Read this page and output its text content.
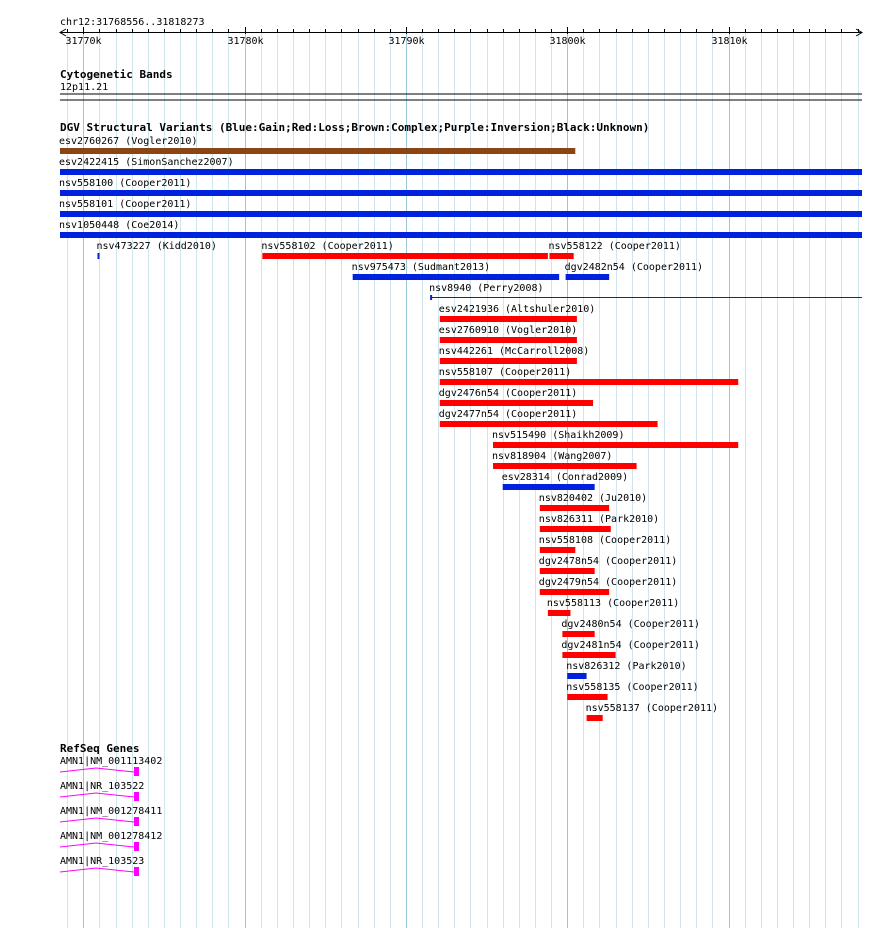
chr12:31768556..31818273
31770k	31780k	31790k	31800k	31810k
Cytogenetic Bands
12p11.21
DGV Structural Variants (Blue:Gain;Red:Loss;Brown:Complex;Purple:Inversion;Black:Unknown)
esv2760267 (Vogler2010)
esv2422415 (SimonSanchez2007)
nsv558100 (Cooper2011)
nsv558101 (Cooper2011)
nsv1050448 (Coe2014)
nsv473227 (Kidd2010)	nsv558102 (Cooper2011)	nsv558122 (Cooper2011)
nsv975473 (Sudmant2013)	dgv2482n54 (Cooper2011)
nsv8940 (Perry2008)
esv2421936 (Altshuler2010)
esv2760910 (Vogler2010)
nsv442261 (McCarroll2008)
nsv558107 (Cooper2011)
dgv2476n54 (Cooper2011)
dgv2477n54 (Cooper2011)
nsv515490 (Shaikh2009)
nsv818904 (Wang2007)
esv28314 (Conrad2009)
nsv820402 (Ju2010)
nsv826311 (Park2010)
nsv558108 (Cooper2011)
dgv2478n54 (Cooper2011)
dgv2479n54 (Cooper2011)
nsv558113 (Cooper2011)
dgv2480n54 (Cooper2011)
dgv2481n54 (Cooper2011)
nsv826312 (Park2010)
nsv558135 (Cooper2011)
nsv558137 (Cooper2011)
RefSeq Genes
AMN1|NM_001113402
AMN1|NR_103522
AMN1|NM_001278411
AMN1|NM_001278412
AMN1|NR_103523
